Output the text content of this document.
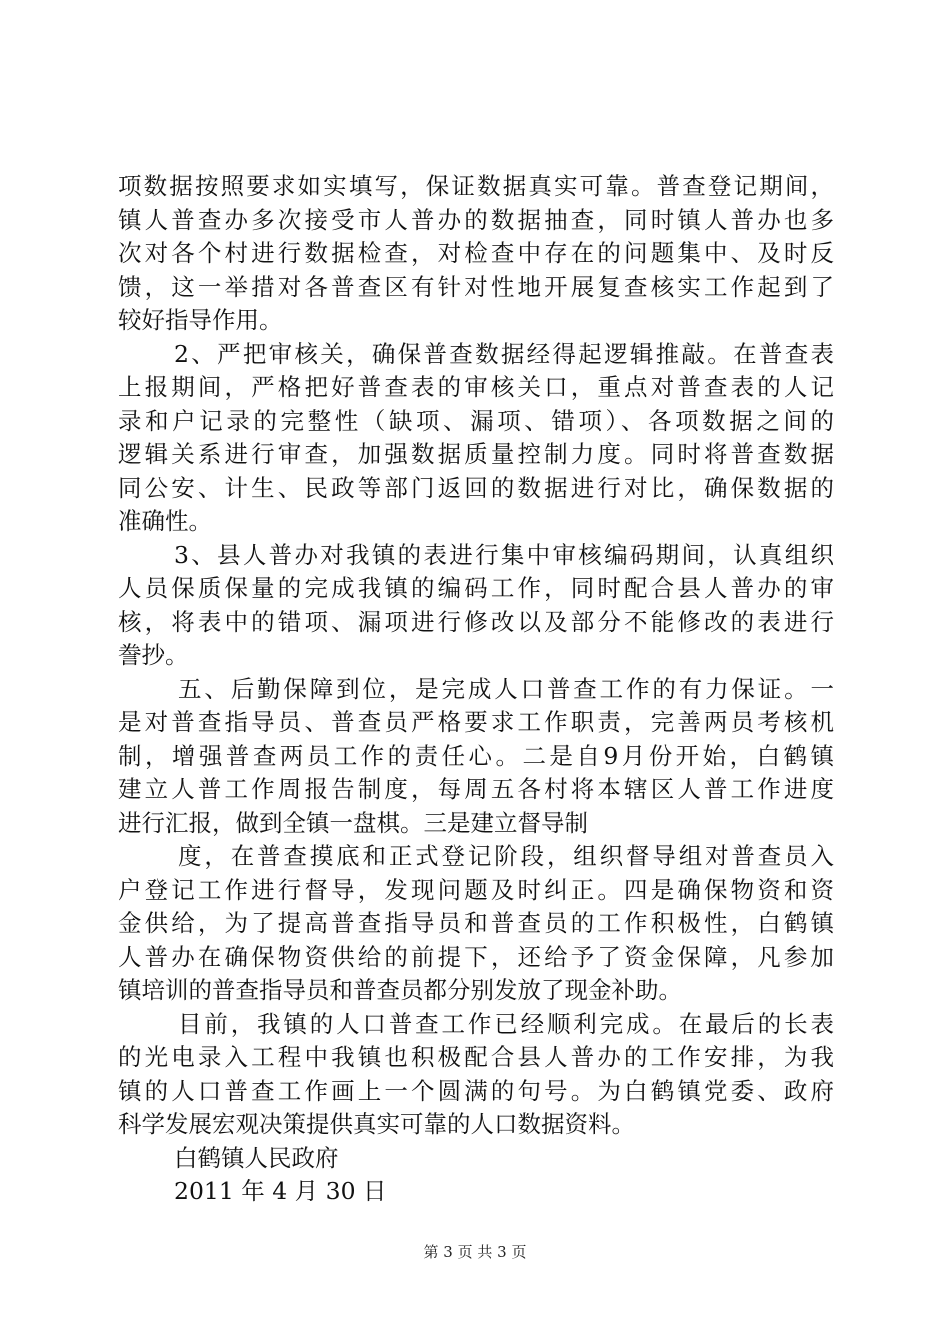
项数据按照要求如实填写，保证数据真实可靠。普查登记期间，
镇人普查办多次接受市人普办的数据抽查，同时镇人普办也多
次对各个村进行数据检查，对检查中存在的问题集中、及时反
馈，这一举措对各普查区有针对性地开展复查核实工作起到了
较好指导作用。
2、严把审核关，确保普查数据经得起逻辑推敲。在普查表
上报期间，严格把好普查表的审核关口，重点对普查表的人记
录和户记录的完整性（缺项、漏项、错项）、各项数据之间的
逻辑关系进行审查，加强数据质量控制力度。同时将普查数据
同公安、计生、民政等部门返回的数据进行对比，确保数据的
准确性。
3、县人普办对我镇的表进行集中审核编码期间，认真组织
人员保质保量的完成我镇的编码工作，同时配合县人普办的审
核，将表中的错项、漏项进行修改以及部分不能修改的表进行
誊抄。
五、后勤保障到位，是完成人口普查工作的有力保证。一
是对普查指导员、普查员严格要求工作职责，完善两员考核机
制，增强普查两员工作的责任心。二是自9月份开始，白鹤镇
建立人普工作周报告制度，每周五各村将本辖区人普工作进度
进行汇报，做到全镇一盘棋。三是建立督导制
度，在普查摸底和正式登记阶段，组织督导组对普查员入
户登记工作进行督导，发现问题及时纠正。四是确保物资和资
金供给，为了提高普查指导员和普查员的工作积极性，白鹤镇
人普办在确保物资供给的前提下，还给予了资金保障，凡参加
镇培训的普查指导员和普查员都分别发放了现金补助。
目前，我镇的人口普查工作已经顺利完成。在最后的长表
的光电录入工程中我镇也积极配合县人普办的工作安排，为我
镇的人口普查工作画上一个圆满的句号。为白鹤镇党委、政府
科学发展宏观决策提供真实可靠的人口数据资料。
白鹤镇人民政府
2011 年 4 月 30 日
第 3 页 共 3 页
